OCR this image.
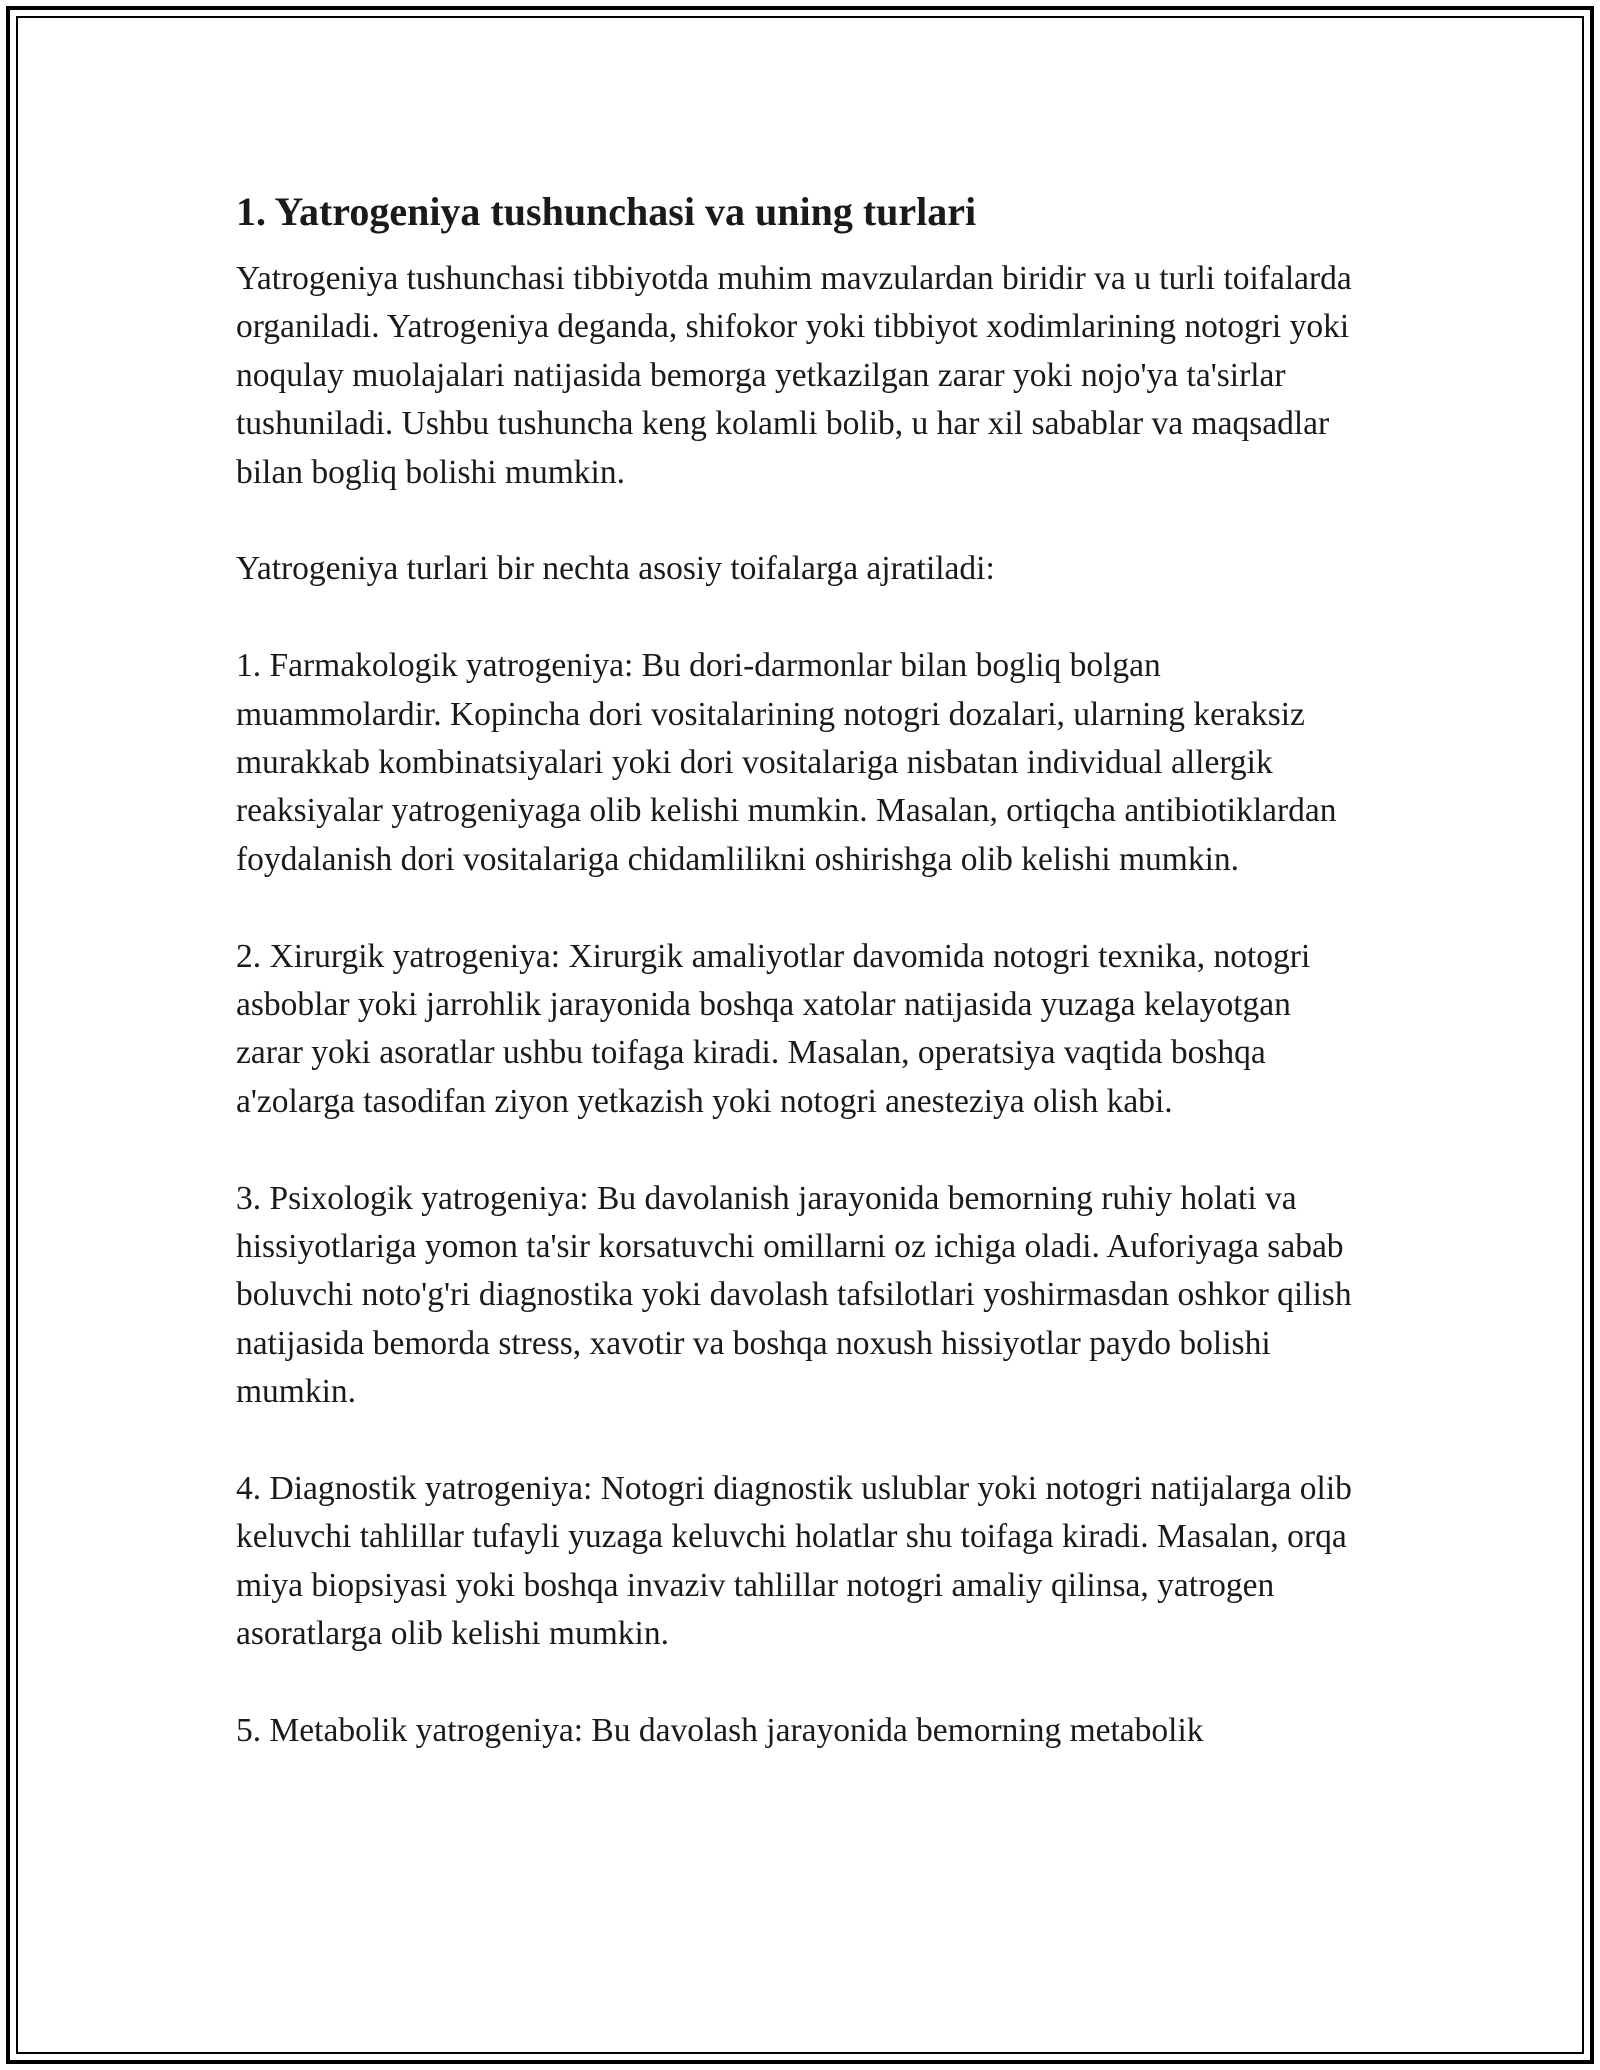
1. Yatrogeniya tushunchasi va uning turlari

Yatrogeniya tushunchasi tibbiyotda muhim mavzulardan biridir va u turli toifalarda organiladi. Yatrogeniya deganda, shifokor yoki tibbiyot xodimlarining notogri yoki noqulay muolajalari natijasida bemorga yetkazilgan zarar yoki nojo'ya ta'sirlar tushuniladi. Ushbu tushuncha keng kolamli bolib, u har xil sabablar va maqsadlar bilan bogliq bolishi mumkin.

Yatrogeniya turlari bir nechta asosiy toifalarga ajratiladi:

1. Farmakologik yatrogeniya: Bu dori-darmonlar bilan bogliq bolgan muammolardir. Kopincha dori vositalarining notogri dozalari, ularning keraksiz murakkab kombinatsiyalari yoki dori vositalariga nisbatan individual allergik reaksiyalar yatrogeniyaga olib kelishi mumkin. Masalan, ortiqcha antibiotiklardan foydalanish dori vositalariga chidamlilikni oshirishga olib kelishi mumkin.

2. Xirurgik yatrogeniya: Xirurgik amaliyotlar davomida notogri texnika, notogri asboblar yoki jarrohlik jarayonida boshqa xatolar natijasida yuzaga kelayotgan zarar yoki asoratlar ushbu toifaga kiradi. Masalan, operatsiya vaqtida boshqa a'zolarga tasodifan ziyon yetkazish yoki notogri anesteziya olish kabi.

3. Psixologik yatrogeniya: Bu davolanish jarayonida bemorning ruhiy holati va hissiyotlariga yomon ta'sir korsatuvchi omillarni oz ichiga oladi. Auforiyaga sabab boluvchi noto'g'ri diagnostika yoki davolash tafsilotlari yoshirmasdan oshkor qilish natijasida bemorda stress, xavotir va boshqa noxush hissiyotlar paydo bolishi mumkin.

4. Diagnostik yatrogeniya: Notogri diagnostik uslublar yoki notogri natijalarga olib keluvchi tahlillar tufayli yuzaga keluvchi holatlar shu toifaga kiradi. Masalan, orqa miya biopsiyasi yoki boshqa invaziv tahlillar notogri amaliy qilinsa, yatrogen asoratlarga olib kelishi mumkin.

5. Metabolik yatrogeniya: Bu davolash jarayonida bemorning metabolik
